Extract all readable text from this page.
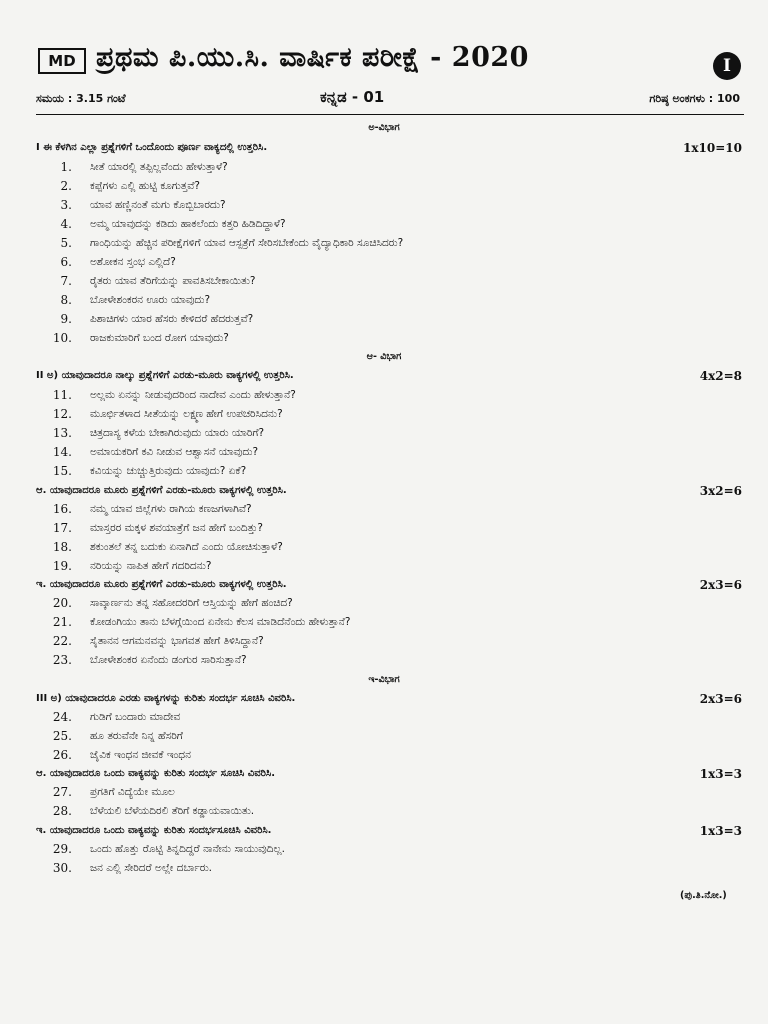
MD ಪ್ರಥಮ ಪಿ.ಯು.ಸಿ. ವಾರ್ಷಿಕ ಪರೀಕ್ಷೆ - 2020	I
ಸಮಯ : 3.15 ಗಂಟೆ	ಕನ್ನಡ - 01	ಗರಿಷ್ಠ ಅಂಕಗಳು : 100
ಅ-ವಿಭಾಗ
I ಈ ಕೆಳಗಿನ ಎಲ್ಲಾ ಪ್ರಶ್ನೆಗಳಿಗೆ ಒಂದೊಂದು ಪೂರ್ಣ ವಾಕ್ಯದಲ್ಲಿ ಉತ್ತರಿಸಿ.	1x10=10
1. ಸೀತೆ ಯಾರಲ್ಲಿ ತಪ್ಪಿಲ್ಲವೆಂದು ಹೇಳುತ್ತಾಳೆ?
2. ಕಪ್ಪೆಗಳು ಎಲ್ಲಿ ಹುಟ್ಟಿ ಕೂಗುತ್ತವೆ?
3. ಯಾವ ಹಣ್ಣಿನಂತೆ ಮಗು ಕೊಬ್ಬಿಬಾರದು?
4. ಅಮ್ಮ ಯಾವುದನ್ನು ಕಡಿದು ಹಾಕಲೆಂದು ಕತ್ತರಿ ಹಿಡಿದಿದ್ದಾಳೆ?
5. ಗಾಂಧಿಯನ್ನು ಹೆಚ್ಚಿನ ಪರೀಕ್ಷೆಗಳಿಗೆ ಯಾವ ಆಸ್ಪತ್ರೆಗೆ ಸೇರಿಸಬೇಕೆಂದು ವೈದ್ಯಾಧಿಕಾರಿ ಸೂಚಿಸಿದರು?
6. ಅಶೋಕನ ಸ್ತಂಭ ಎಲ್ಲಿದೆ?
7. ರೈತರು ಯಾವ ತೆರಿಗೆಯನ್ನು ಪಾವತಿಸಬೇಕಾಯಿತು?
8. ಬೋಳೇಶಂಕರನ ಊರು ಯಾವುದು?
9. ಪಿಶಾಚಿಗಳು ಯಾರ ಹೆಸರು ಕೇಳಿದರೆ ಹೆದರುತ್ತವೆ?
10. ರಾಜಕುಮಾರಿಗೆ ಬಂದ ರೋಗ ಯಾವುದು?
ಆ- ವಿಭಾಗ
II ಅ) ಯಾವುದಾದರೂ ನಾಲ್ಕು ಪ್ರಶ್ನೆಗಳಿಗೆ ಎರಡು-ಮೂರು ವಾಕ್ಯಗಳಲ್ಲಿ ಉತ್ತರಿಸಿ.	4x2=8
11. ಅಲ್ಲಮ ಏನನ್ನು ನೀಡುವುದರಿಂದ ನಾದೇವ ಎಂದು ಹೇಳುತ್ತಾನೆ?
12. ಮೂರ್ಛಿತಳಾದ ಸೀತೆಯನ್ನು ಲಕ್ಷ್ಮಣ ಹೇಗೆ ಉಪಚರಿಸಿದನು?
13. ಚಿತ್ರದಾಸ್ಯ ಕಳೆಯ ಬೇಕಾಗಿರುವುದು ಯಾರು ಯಾರಿಗೆ?
14. ಅಮಾಯಕರಿಗೆ ಕವಿ ನೀಡುವ ಆಶ್ವಾಸನೆ ಯಾವುದು?
15. ಕವಿಯನ್ನು ಚುಚ್ಚುತ್ತಿರುವುದು ಯಾವುದು? ಏಕೆ?
ಆ. ಯಾವುದಾದರೂ ಮೂರು ಪ್ರಶ್ನೆಗಳಿಗೆ ಎರಡು-ಮೂರು ವಾಕ್ಯಗಳಲ್ಲಿ ಉತ್ತರಿಸಿ.	3x2=6
16. ನಮ್ಮ ಯಾವ ಜಿಲ್ಲೆಗಳು ರಾಗಿಯ ಕಣಜಗಳಾಗಿವೆ?
17. ಮಾಸ್ತರರ ಮಕ್ಕಳ ಶವಯಾತ್ರೆಗೆ ಜನ ಹೇಗೆ ಬಂದಿತ್ತು?
18. ಶಕುಂತಲೆ ತನ್ನ ಬದುಕು ಏನಾಗಿದೆ ಎಂದು ಯೋಚಿಸುತ್ತಾಳೆ?
19. ನರಿಯನ್ನು ನಾಪಿತ ಹೇಗೆ ಗದರಿದನು?
ಇ. ಯಾವುದಾದರೂ ಮೂರು ಪ್ರಶ್ನೆಗಳಿಗೆ ಎರಡು-ಮೂರು ವಾಕ್ಯಗಳಲ್ಲಿ ಉತ್ತರಿಸಿ.	2x3=6
20. ಸಾವ್ಕಾರ್ಣನು ತನ್ನ ಸಹೋದರರಿಗೆ ಆಸ್ತಿಯನ್ನು ಹೇಗೆ ಹಂಚಿದ?
21. ಕೋಡಂಗಿಯು ತಾನು ಬೆಳಗ್ಗೆಯಿಂದ ಏನೇನು ಕೆಲಸ ಮಾಡಿದೆನೆಂದು ಹೇಳುತ್ತಾನೆ?
22. ಸೈತಾನನ ಆಗಮನವನ್ನು ಭಾಗವತ ಹೇಗೆ ತಿಳಿಸಿದ್ದಾನೆ?
23. ಬೋಳೇಶಂಕರ ಏನೆಂದು ಡಂಗುರ ಸಾರಿಸುತ್ತಾನೆ?
ಇ-ವಿಭಾಗ
III ಅ) ಯಾವುದಾದರೂ ಎರಡು ವಾಕ್ಯಗಳನ್ನು ಕುರಿತು ಸಂದರ್ಭ ಸೂಚಿಸಿ ವಿವರಿಸಿ.	2x3=6
24. ಗುಡಿಗೆ ಬಂದಾರು ಮಾದೇವ
25. ಹೂ ತರುವೆನೇ ನಿನ್ನ ಹೆಸರಿಗೆ
26. ಜೈವಿಕ ಇಂಧನ ಜೀವಕೆ ಇಂಧನ
ಆ. ಯಾವುದಾದರೂ ಒಂದು ವಾಕ್ಯವನ್ನು ಕುರಿತು ಸಂದರ್ಭ ಸೂಚಿಸಿ ವಿವರಿಸಿ.	1x3=3
27. ಪ್ರಗತಿಗೆ ವಿದ್ಯೆಯೇ ಮೂಲ
28. ಬೆಳೆಯಲಿ ಬೆಳೆಯದಿರಲಿ ತೆರಿಗೆ ಕಡ್ಡಾಯವಾಯಿತು.
ಇ. ಯಾವುದಾದರೂ ಒಂದು ವಾಕ್ಯವನ್ನು ಕುರಿತು ಸಂದರ್ಭಸೂಚಿಸಿ ವಿವರಿಸಿ.	1x3=3
29. ಒಂದು ಹೊತ್ತು ರೊಟ್ಟಿ ತಿನ್ನದಿದ್ದರೆ ನಾನೇನು ಸಾಯುವುದಿಲ್ಲ.
30. ಜನ ಎಲ್ಲಿ ಸೇರಿದರೆ ಅಲ್ಲೇ ದರ್ಬಾರು.
(ಪು.ತಿ.ನೋ.)
